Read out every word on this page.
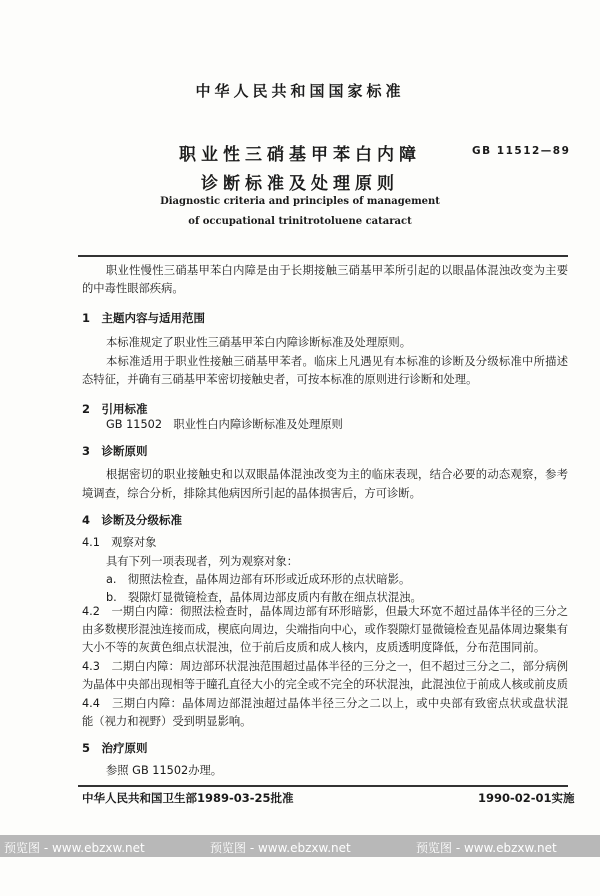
中华人民共和国国家标准
职业性三硝基甲苯白内障
诊断标准及处理原则
GB 11512—89
Diagnostic criteria and principles of management
of occupational trinitrotoluene cataract
职业性慢性三硝基甲苯白内障是由于长期接触三硝基甲苯所引起的以眼晶体混浊改变为主要
的中毒性眼部疾病。
1　主题内容与适用范围
本标准规定了职业性三硝基甲苯白内障诊断标准及处理原则。
本标准适用于职业性接触三硝基甲苯者。临床上凡遇见有本标准的诊断及分级标准中所描述
态特征，并确有三硝基甲苯密切接触史者，可按本标准的原则进行诊断和处理。
2　引用标准
GB 11502　职业性白内障诊断标准及处理原则
3　诊断原则
根据密切的职业接触史和以双眼晶体混浊改变为主的临床表现，结合必要的动态观察，参考
境调查，综合分析，排除其他病因所引起的晶体损害后，方可诊断。
4　诊断及分级标准
4.1　观察对象
具有下列一项表现者，列为观察对象：
a.　彻照法检查，晶体周边部有环形或近成环形的点状暗影。
b.　裂隙灯显微镜检查，晶体周边部皮质内有散在细点状混浊。
4.2　一期白内障：彻照法检查时，晶体周边部有环形暗影，但最大环宽不超过晶体半径的三分之
由多数楔形混浊连接而成，楔底向周边，尖端指向中心，或作裂隙灯显微镜检查见晶体周边聚集有
大小不等的灰黄色细点状混浊，位于前后皮质和成人核内，皮质透明度降低，分布范围同前。
4.3　二期白内障：周边部环状混浊范围超过晶体半径的三分之一，但不超过三分之二，部分病例
为晶体中央部出现相等于瞳孔直径大小的完全或不完全的环状混浊，此混浊位于前成人核或前皮质
4.4　三期白内障：晶体周边部混浊超过晶体半径三分之二以上，或中央部有致密点状或盘状混
能（视力和视野）受到明显影响。
5　治疗原则
参照 GB 11502办理。
中华人民共和国卫生部1989-03-25批准	1990-02-01实施
预览图 - www.ebzxw.net	预览图 - www.ebzxw.net	预览图 - www.ebzxw.net
